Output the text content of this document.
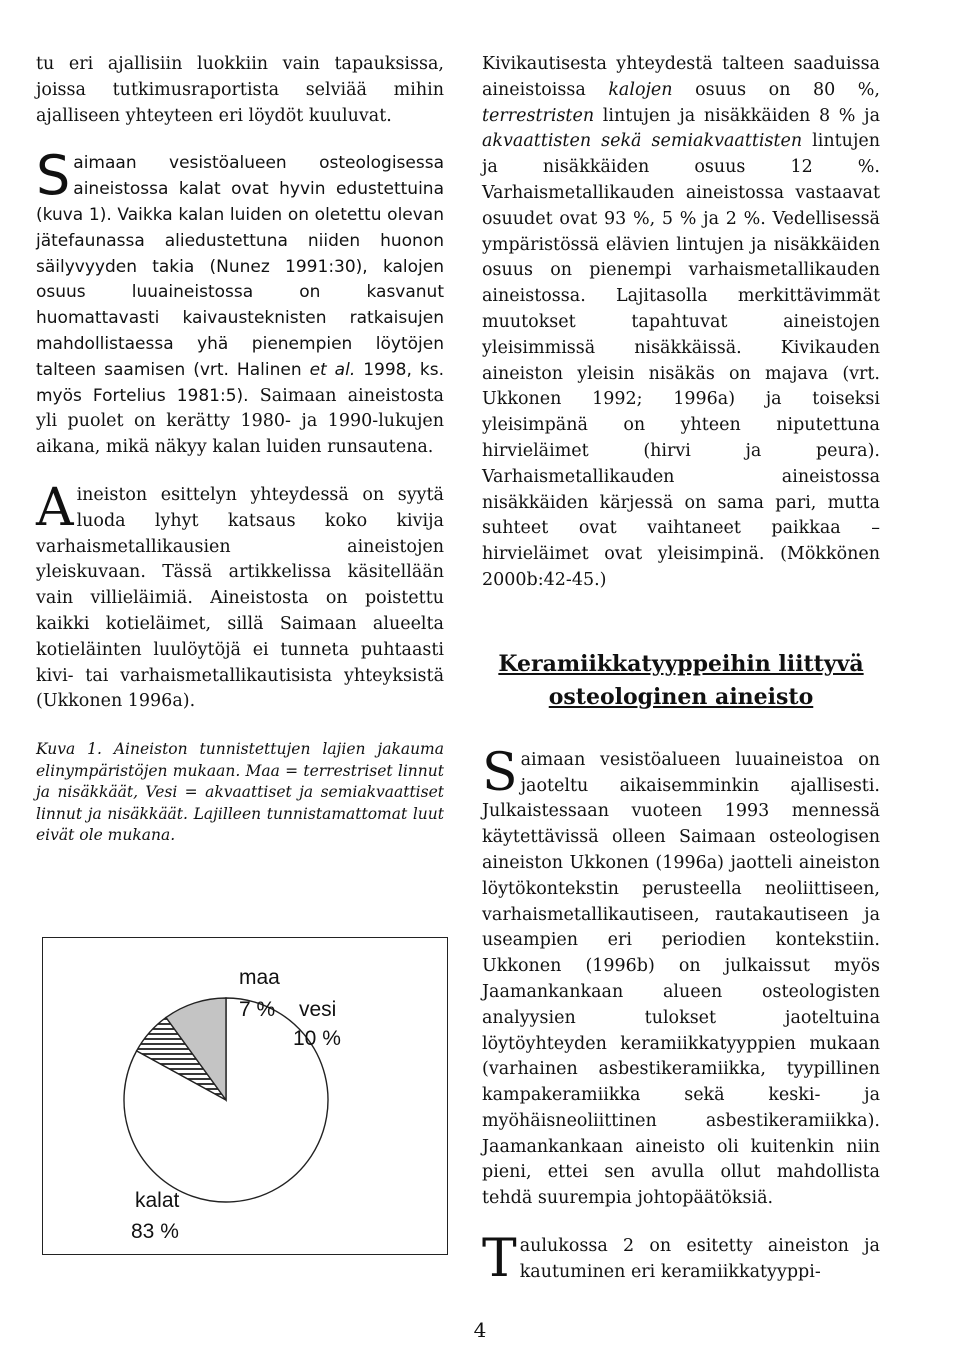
tu eri ajallisiin luokkiin vain tapauksissa, joissa tutkimusraportista selviää mihin ajalliseen yhteyteen eri löydöt kuuluvat.

Saimaan vesistöalueen osteologisessa aineistossa kalat ovat hyvin edustettuina (kuva 1). Vaikka kalan luiden on oletettu olevan jätefaunassa aliedustettuna niiden huonon säilyvyyden takia (Nunez 1991:30), kalojen osuus luuaineistossa on kasvanut huomattavasti kaivausteknisten ratkaisujen mahdollistaessa yhä pienempien löytöjen talteen saamisen (vrt. Halinen et al. 1998, ks. myös Fortelius 1981:5). Saimaan aineistosta yli puolet on kerätty 1980- ja 1990-lukujen aikana, mikä näkyy kalan luiden runsautena.

Aineiston esittelyn yhteydessä on syytä luoda lyhyt katsaus koko kivija varhaismetallikausien aineistojen yleiskuvaan. Tässä artikkelissa käsitellään vain villieläimiä. Aineistosta on poistettu kaikki kotieläimet, sillä Saimaan alueelta kotieläinten luulöytöjä ei tunneta puhtaasti kivi- tai varhaismetallikautisista yhteyksistä (Ukkonen 1996a).

Kuva 1. Aineiston tunnistettujen lajien jakauma elinympäristöjen mukaan. Maa = terrestriset linnut ja nisäkkäät, Vesi = akvaattiset ja semiakvaattiset linnut ja nisäkkäät. Lajilleen tunnistamattomat luut eivät ole mukana.

maa
7 % vesi
10 %
kalat
83 %

Kivikautisesta yhteydestä talteen saaduissa aineistoissa kalojen osuus on 80 %, terrestristen lintujen ja nisäkkäiden 8 % ja akvaattisten sekä semiakvaattisten lintujen ja nisäkkäiden osuus 12 %. Varhaismetallikauden aineistossa vastaavat osuudet ovat 93 %, 5 % ja 2 %. Vedellisessä ympäristössä elävien lintujen ja nisäkkäiden osuus on pienempi varhaismetallikauden aineistossa. Lajitasolla merkittävimmät muutokset tapahtuvat aineistojen yleisimmissä nisäkkäissä. Kivikauden aineiston yleisin nisäkäs on majava (vrt. Ukkonen 1992; 1996a) ja toiseksi yleisimpänä on yhteen niputettuna hirvieläimet (hirvi ja peura). Varhaismetallikauden aineistossa nisäkkäiden kärjessä on sama pari, mutta suhteet ovat vaihtaneet paikkaa – hirvieläimet ovat yleisimpinä. (Mökkönen 2000b:42-45.)

Keramiikkatyyppeihin liittyvä osteologinen aineisto

Saimaan vesistöalueen luuaineistoa on jaoteltu aikaisemminkin ajallisesti. Julkaistessaan vuoteen 1993 mennessä käytettävissä olleen Saimaan osteologisen aineiston Ukkonen (1996a) jaotteli aineiston löytökontekstin perusteella neoliittiseen, varhaismetallikautiseen, rautakautiseen ja useampien eri periodien kontekstiin. Ukkonen (1996b) on julkaissut myös Jaamankankaan alueen osteologisten analyysien tulokset jaoteltuina löytöyhteyden keramiikkatyyppien mukaan (varhainen asbestikeramiikka, tyypillinen kampakeramiikka sekä keski- ja myöhäisneoliittinen asbestikeramiikka). Jaamankankaan aineisto oli kuitenkin niin pieni, ettei sen avulla ollut mahdollista tehdä suurempia johtopäätöksiä.

Taulukossa 2 on esitetty aineiston ja kautuminen eri keramiikkatyyppi-

4
